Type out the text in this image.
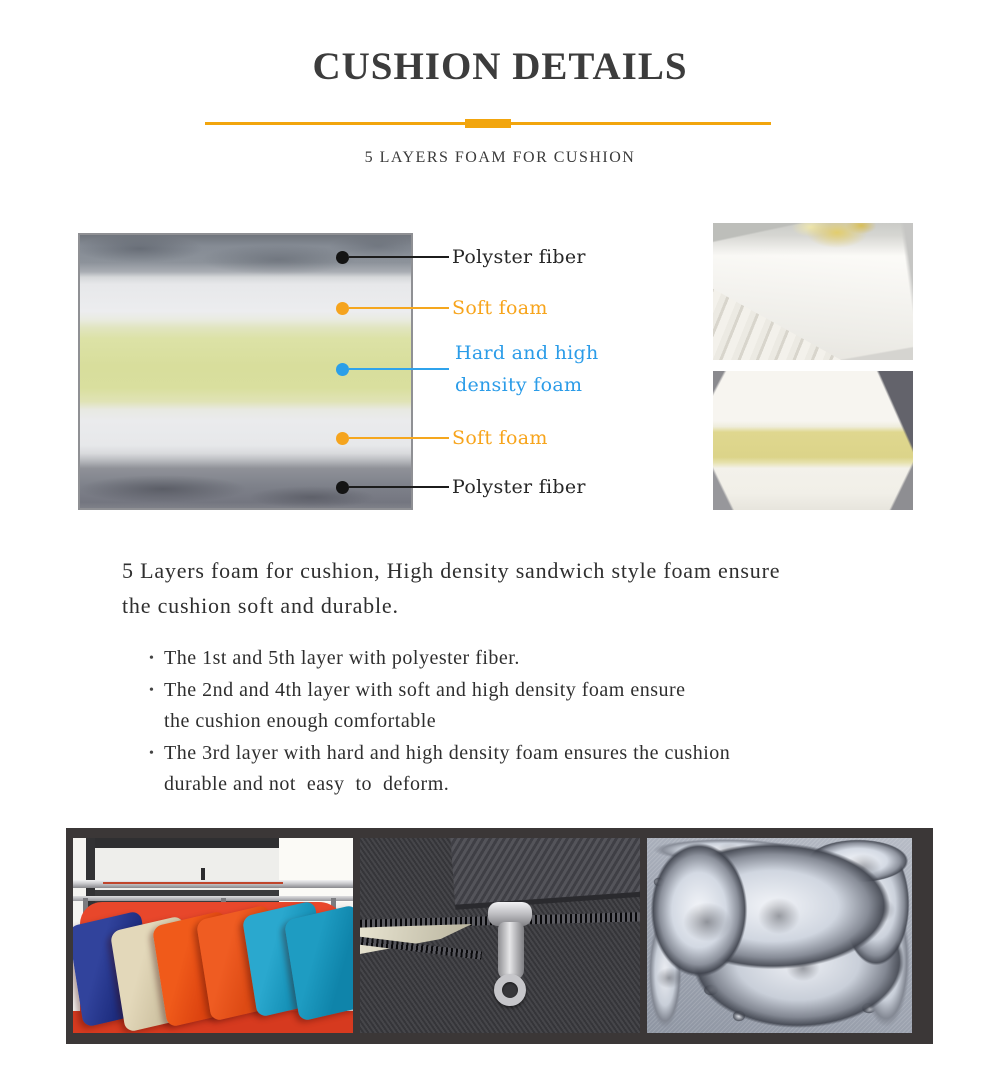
CUSHION DETAILS
5 LAYERS FOAM FOR CUSHION
Polyster fiber
Soft foam
Hard and high
density foam
Soft foam
Polyster fiber
5 Layers foam for cushion, High density sandwich style foam ensure
the cushion soft and durable.
• The 1st and 5th layer with polyester fiber.
• The 2nd and 4th layer with soft and high density foam ensure
the cushion enough comfortable
• The 3rd layer with hard and high density foam ensures the cushion
durable and not  easy  to  deform.
